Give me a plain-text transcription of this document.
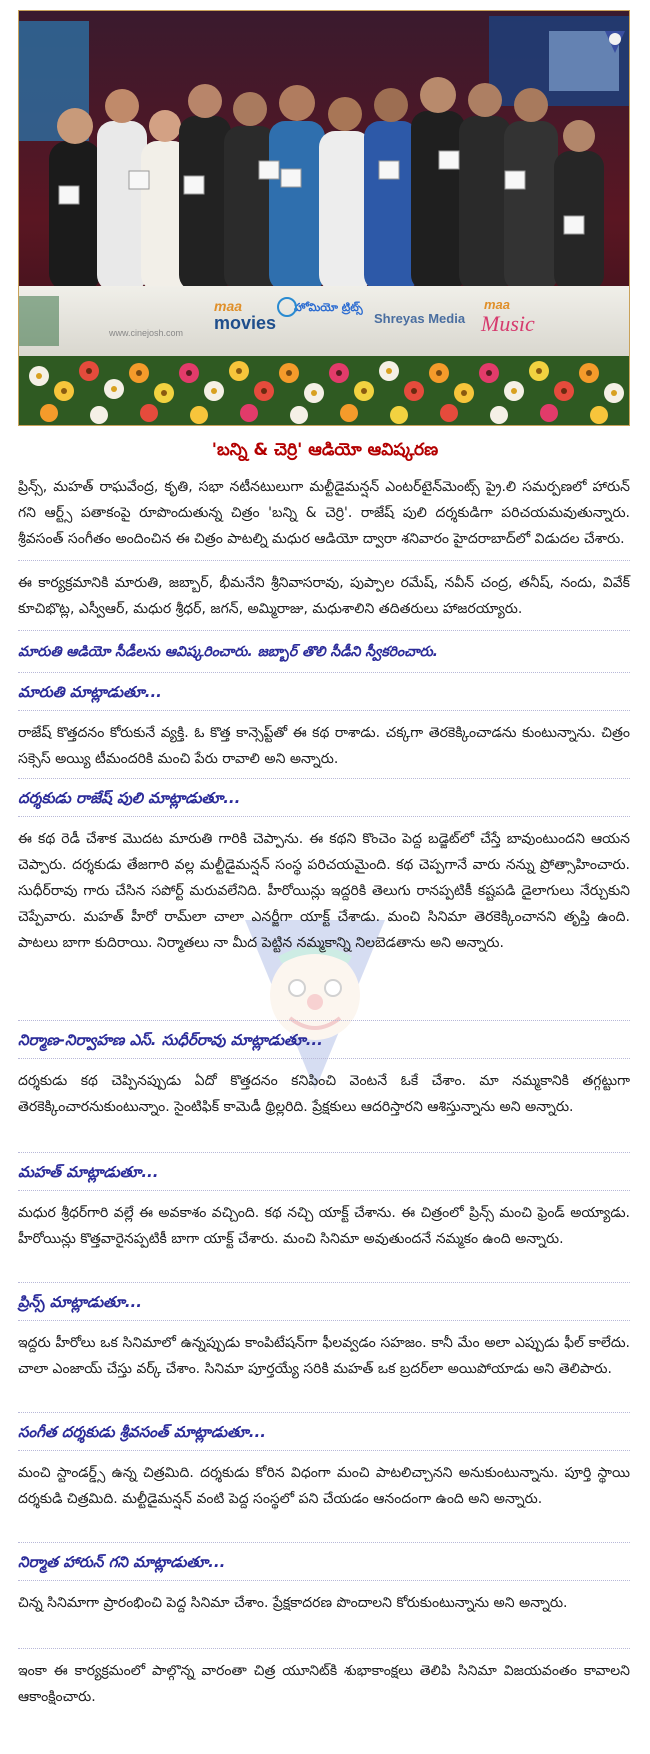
maa
movies	Shreyas Media
maa
Music
హోమియో ట్రిట్స్
www.cinejosh.com
'బన్ని & చెర్రి' ఆడియో ఆవిష్కరణ

ప్రిన్స్, మహత్ రాఘవేంద్ర, కృతి, సభా నటీనటులుగా మల్టీడైమన్షన్ ఎంటర్‌టైన్‌మెంట్స్ ప్రై.లి సమర్పణలో హారున్ గని ఆర్ట్స్ పతాకంపై రూపొందుతున్న చిత్రం 'బన్ని & చెర్రి'. రాజేష్ పులి దర్శకుడిగా పరిచయమవుతున్నారు. శ్రీవసంత్ సంగీతం అందించిన ఈ చిత్రం పాటల్ని మధుర ఆడియో ద్వారా శనివారం హైదరాబాద్‌లో విడుదల చేశారు.

ఈ కార్యక్రమానికి మారుతి, జబ్బార్, భీమనేని శ్రీనివాసరావు, పుప్పాల రమేష్, నవీన్ చంద్ర, తనీష్, నందు, వివేక్ కూచిభొట్ల, ఎస్వీఆర్, మధుర శ్రీధర్, జగన్, అమ్మిరాజు, మధుశాలిని తదితరులు హాజరయ్యారు.

మారుతి ఆడియో సీడీలను ఆవిష్కరించారు. జబ్బార్ తొలి సీడీని స్వీకరించారు.

మారుతి మాట్లాడుతూ...

రాజేష్ కొత్తదనం కోరుకునే వ్యక్తి. ఓ కొత్త కాన్సెప్ట్‌తో ఈ కథ రాశాడు. చక్కగా తెరకెక్కించాడను కుంటున్నాను. చిత్రం సక్సెస్ అయ్యి టీమందరికి మంచి పేరు రావాలి అని అన్నారు.

దర్శకుడు రాజేష్ పులి మాట్లాడుతూ...

ఈ కథ రెడీ చేశాక మొదట మారుతి గారికి చెప్పాను. ఈ కథని కొంచెం పెద్ద బడ్జెట్‌లో చేస్తే బావుంటుందని ఆయన చెప్పారు. దర్శకుడు తేజగారి వల్ల మల్టీడైమన్షన్ సంస్థ పరిచయమైంది. కథ చెప్పగానే వారు నన్ను ప్రోత్సాహించారు. సుధీర్‌రావు గారు చేసిన సపోర్ట్ మరువలేనిది. హీరోయిన్లు ఇద్దరికి తెలుగు రానప్పటికీ కష్టపడి డైలాగులు నేర్చుకుని చెప్పేవారు. మహత్ హీరో రామ్‌లా చాలా ఎనర్జీగా యాక్ట్ చేశాడు. మంచి సినిమా తెరకెక్కించానని తృప్తి ఉంది. పాటలు బాగా కుదిరాయి. నిర్మాతలు నా మీద పెట్టిన నమ్మకాన్ని నిలబెడతాను అని అన్నారు.

నిర్మాణ-నిర్వాహణ ఎస్. సుధీర్‌రావు మాట్లాడుతూ...

దర్శకుడు కథ చెప్పినప్పుడు ఏదో కొత్తదనం కనిపించి వెంటనే ఓకే చేశాం. మా నమ్మకానికి తగ్గట్టుగా తెరకెక్కించారనుకుంటున్నాం. సైంటిఫిక్ కామెడీ థ్రిల్లరిది. ప్రేక్షకులు ఆదరిస్తారని ఆశిస్తున్నాను అని అన్నారు.

మహత్ మాట్లాడుతూ...

మధుర శ్రీధర్‌గారి వల్లే ఈ అవకాశం వచ్చింది. కథ నచ్చి యాక్ట్ చేశాను. ఈ చిత్రంలో ప్రిన్స్ మంచి ఫ్రెండ్ అయ్యాడు. హీరోయిన్లు కొత్తవారైనప్పటికీ బాగా యాక్ట్ చేశారు. మంచి సినిమా అవుతుందనే నమ్మకం ఉంది అన్నారు.

ప్రిన్స్ మాట్లాడుతూ...

ఇద్దరు హీరోలు ఒక సినిమాలో ఉన్నప్పుడు కాంపిటేషన్‌గా ఫీలవ్వడం సహజం. కానీ మేం అలా ఎప్పుడు ఫీల్ కాలేదు. చాలా ఎంజాయ్ చేస్తు వర్క్ చేశాం. సినిమా పూర్తయ్యే సరికి మహత్ ఒక బ్రదర్‌లా అయిపోయాడు అని తెలిపారు.

సంగీత దర్శకుడు శ్రీవసంత్ మాట్లాడుతూ...

మంచి స్టాండర్డ్స్ ఉన్న చిత్రమిది. దర్శకుడు కోరిన విధంగా మంచి పాటలిచ్చానని అనుకుంటున్నాను. పూర్తి స్థాయి దర్శకుడి చిత్రమిది. మల్టీడైమన్షన్ వంటి పెద్ద సంస్థలో పని చేయడం ఆనందంగా ఉంది అని అన్నారు.

నిర్మాత హారున్ గని మాట్లాడుతూ...

చిన్న సినిమాగా ప్రారంభించి పెద్ద సినిమా చేశాం. ప్రేక్షకాదరణ పొందాలని కోరుకుంటున్నాను అని అన్నారు.

ఇంకా ఈ కార్యక్రమంలో పాల్గొన్న వారంతా చిత్ర యూనిట్‌కి శుభాకాంక్షలు తెలిపి సినిమా విజయవంతం కావాలని ఆకాంక్షించారు.
